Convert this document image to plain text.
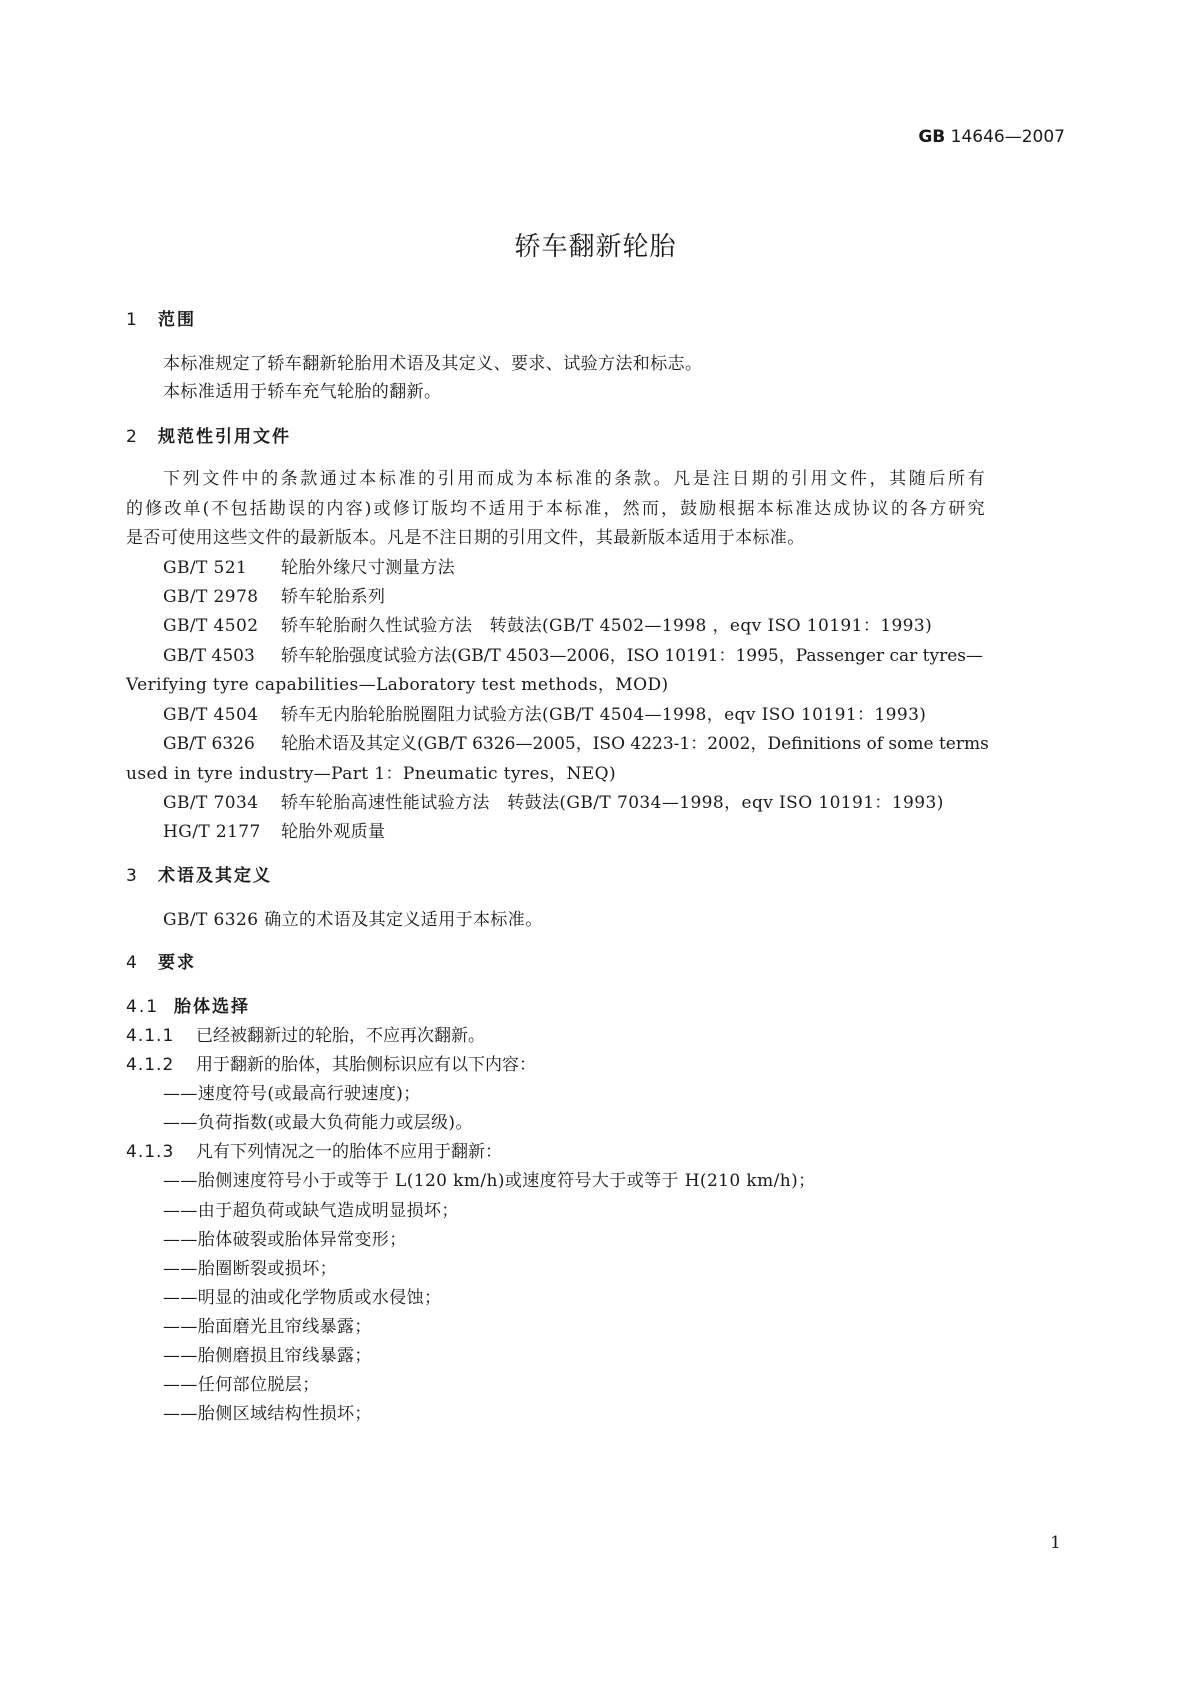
GB 14646—2007
轿车翻新轮胎
1 范围
本标准规定了轿车翻新轮胎用术语及其定义、要求、试验方法和标志。
本标准适用于轿车充气轮胎的翻新。
2 规范性引用文件
下列文件中的条款通过本标准的引用而成为本标准的条款。凡是注日期的引用文件，其随后所有
的修改单(不包括勘误的内容)或修订版均不适用于本标准，然而，鼓励根据本标准达成协议的各方研究
是否可使用这些文件的最新版本。凡是不注日期的引用文件，其最新版本适用于本标准。
GB/T 521 轮胎外缘尺寸测量方法
GB/T 2978 轿车轮胎系列
GB/T 4502 轿车轮胎耐久性试验方法　转鼓法(GB/T 4502—1998 ，eqv ISO 10191：1993)
GB/T 4503 轿车轮胎强度试验方法(GB/T 4503—2006，ISO 10191：1995，Passenger car tyres—
Verifying tyre capabilities—Laboratory test methods，MOD)
GB/T 4504 轿车无内胎轮胎脱圈阻力试验方法(GB/T 4504—1998，eqv ISO 10191：1993)
GB/T 6326 轮胎术语及其定义(GB/T 6326—2005，ISO 4223-1：2002，Definitions of some terms
used in tyre industry—Part 1：Pneumatic tyres，NEQ)
GB/T 7034 轿车轮胎高速性能试验方法　转鼓法(GB/T 7034—1998，eqv ISO 10191：1993)
HG/T 2177 轮胎外观质量
3 术语及其定义
GB/T 6326 确立的术语及其定义适用于本标准。
4 要求
4.1 胎体选择
4.1.1 已经被翻新过的轮胎，不应再次翻新。
4.1.2 用于翻新的胎体，其胎侧标识应有以下内容：
——速度符号(或最高行驶速度)；
——负荷指数(或最大负荷能力或层级)。
4.1.3 凡有下列情况之一的胎体不应用于翻新：
——胎侧速度符号小于或等于 L(120 km/h)或速度符号大于或等于 H(210 km/h)；
——由于超负荷或缺气造成明显损坏；
——胎体破裂或胎体异常变形；
——胎圈断裂或损坏；
——明显的油或化学物质或水侵蚀；
——胎面磨光且帘线暴露；
——胎侧磨损且帘线暴露；
——任何部位脱层；
——胎侧区域结构性损坏；
1
